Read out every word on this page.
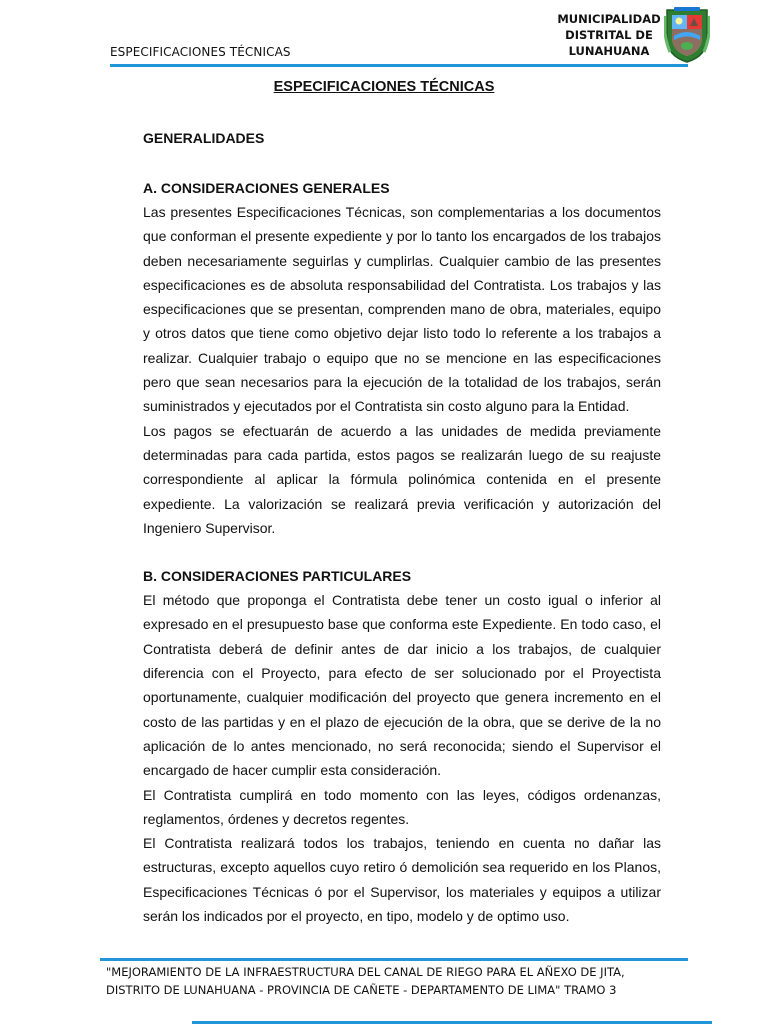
ESPECIFICACIONES TÉCNICAS
MUNICIPALIDAD
DISTRITAL DE
LUNAHUANA
ESPECIFICACIONES TÉCNICAS

GENERALIDADES

A. CONSIDERACIONES GENERALES

Las presentes Especificaciones Técnicas, son complementarias a los documentos que conforman el presente expediente y por lo tanto los encargados de los trabajos deben necesariamente seguirlas y cumplirlas. Cualquier cambio de las presentes especificaciones es de absoluta responsabilidad del Contratista. Los trabajos y las especificaciones que se presentan, comprenden mano de obra, materiales, equipo y otros datos que tiene como objetivo dejar listo todo lo referente a los trabajos a realizar. Cualquier trabajo o equipo que no se mencione en las especificaciones pero que sean necesarios para la ejecución de la totalidad de los trabajos, serán suministrados y ejecutados por el Contratista sin costo alguno para la Entidad.

Los pagos se efectuarán de acuerdo a las unidades de medida previamente determinadas para cada partida, estos pagos se realizarán luego de su reajuste correspondiente al aplicar la fórmula polinómica contenida en el presente expediente. La valorización se realizará previa verificación y autorización del Ingeniero Supervisor.

B. CONSIDERACIONES PARTICULARES

El método que proponga el Contratista debe tener un costo igual o inferior al expresado en el presupuesto base que conforma este Expediente. En todo caso, el Contratista deberá de definir antes de dar inicio a los trabajos, de cualquier diferencia con el Proyecto, para efecto de ser solucionado por el Proyectista oportunamente, cualquier modificación del proyecto que genera incremento en el costo de las partidas y en el plazo de ejecución de la obra, que se derive de la no aplicación de lo antes mencionado, no será reconocida; siendo el Supervisor el encargado de hacer cumplir esta consideración.

El Contratista cumplirá en todo momento con las leyes, códigos ordenanzas, reglamentos, órdenes y decretos regentes.

El Contratista realizará todos los trabajos, teniendo en cuenta no dañar las estructuras, excepto aquellos cuyo retiro ó demolición sea requerido en los Planos, Especificaciones Técnicas ó por el Supervisor, los materiales y equipos a utilizar serán los indicados por el proyecto, en tipo, modelo y de optimo uso.

"MEJORAMIENTO DE LA INFRAESTRUCTURA DEL CANAL DE RIEGO PARA EL AÑEXO DE JITA,
DISTRITO DE LUNAHUANA - PROVINCIA DE CAÑETE - DEPARTAMENTO DE LIMA" TRAMO 3
